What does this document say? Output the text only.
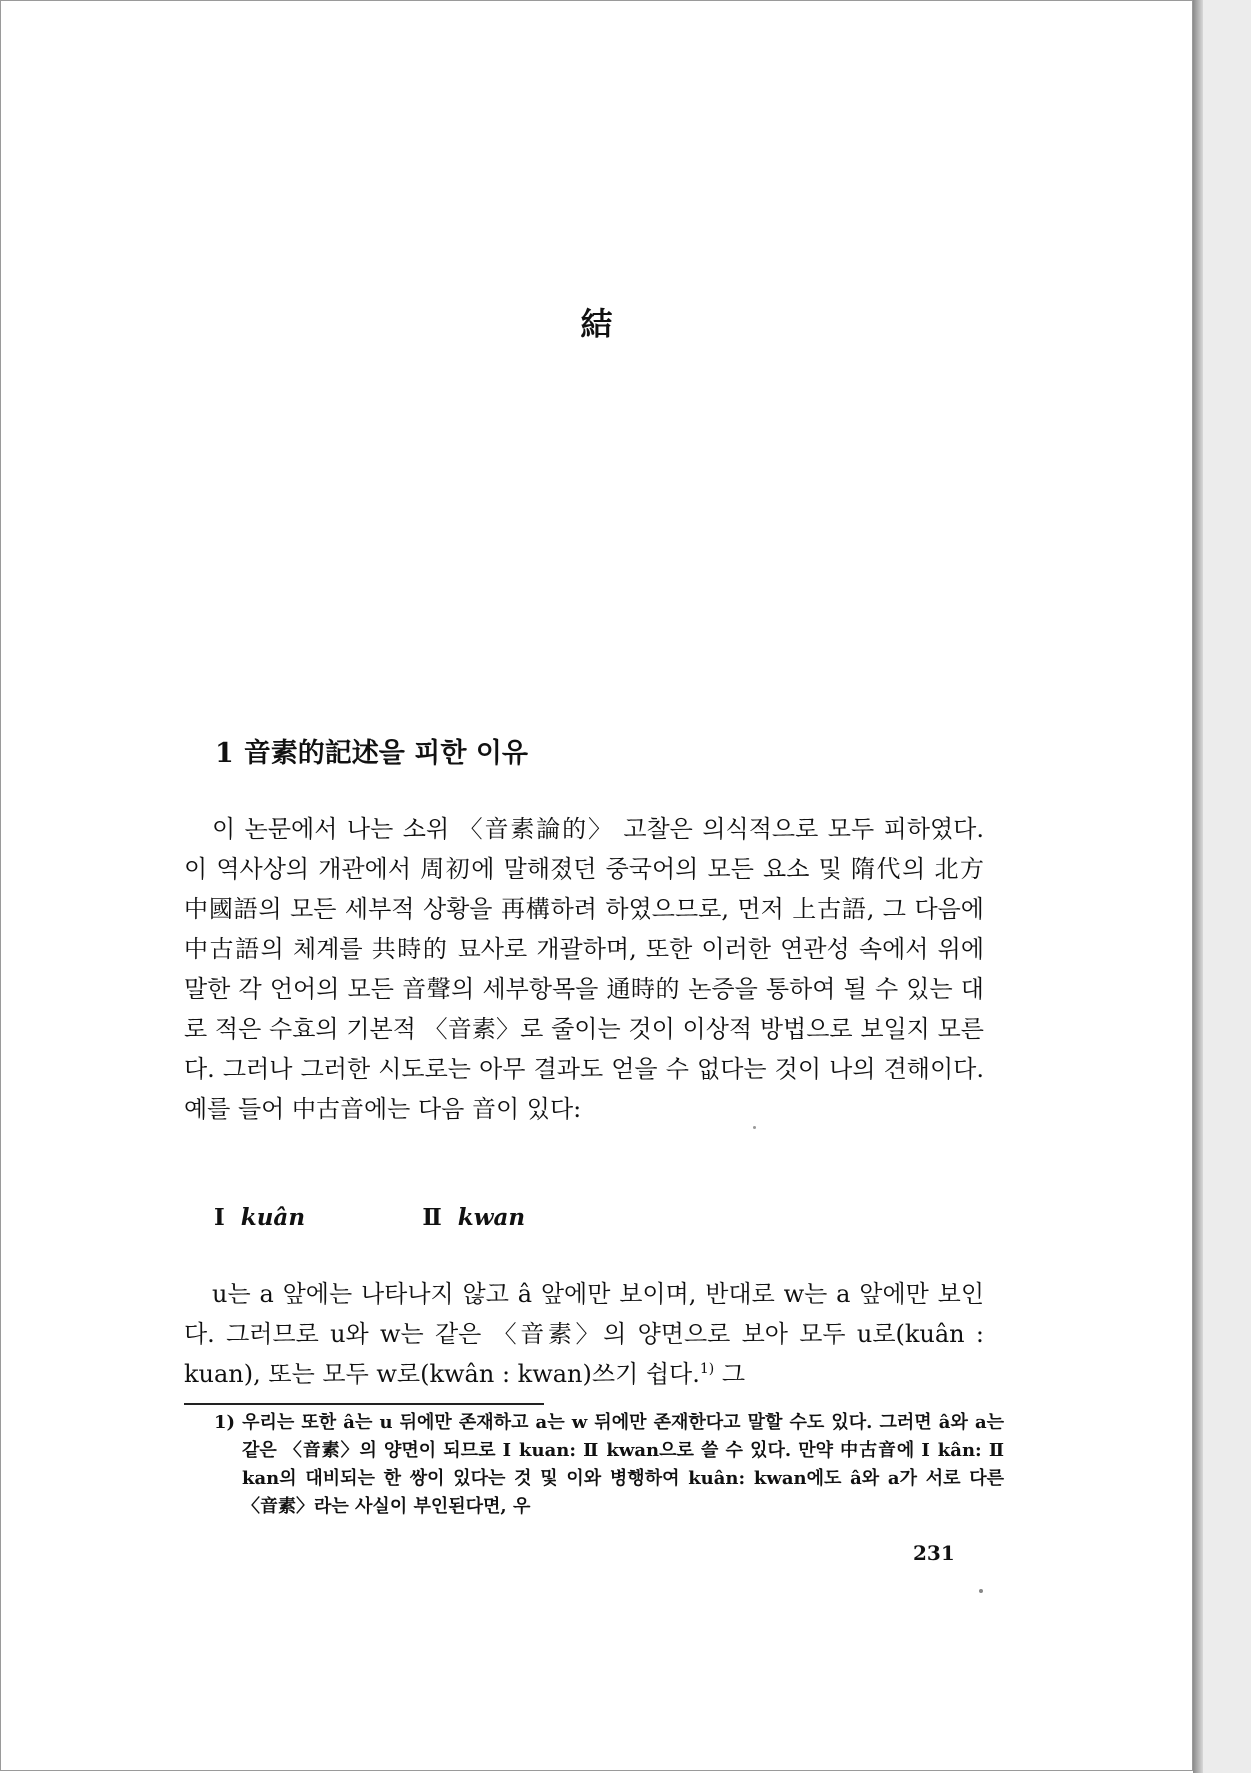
結
1 音素的記述을 피한 이유
이 논문에서 나는 소위 〈音素論的〉 고찰은 의식적으로 모두 피하였다. 이 역사상의 개관에서 周初에 말해졌던 중국어의 모든 요소 및 隋代의 北方中國語의 모든 세부적 상황을 再構하려 하였으므로, 먼저 上古語, 그 다음에 中古語의 체계를 共時的 묘사로 개괄하며, 또한 이러한 연관성 속에서 위에 말한 각 언어의 모든 音聲의 세부항목을 通時的 논증을 통하여 될 수 있는 대로 적은 수효의 기본적 〈音素〉로 줄이는 것이 이상적 방법으로 보일지 모른다. 그러나 그러한 시도로는 아무 결과도 얻을 수 없다는 것이 나의 견해이다. 예를 들어 中古音에는 다음 音이 있다:
Ⅰ kuân	Ⅱ kwan
u는 a 앞에는 나타나지 않고 â 앞에만 보이며, 반대로 w는 a 앞에만 보인다. 그러므로 u와 w는 같은 〈音素〉의 양면으로 보아 모두 u로(kuân : kuan), 또는 모두 w로(kwân : kwan)쓰기 쉽다.$^{1)}$ 그
1) 우리는 또한 â는 u 뒤에만 존재하고 a는 w 뒤에만 존재한다고 말할 수도 있다. 그러면 â와 a는 같은 〈音素〉의 양면이 되므로 Ⅰ kuan: Ⅱ kwan으로 쓸 수 있다. 만약 中古音에 Ⅰ kân: Ⅱ kan의 대비되는 한 쌍이 있다는 것 및 이와 병행하여 kuân: kwan에도 â와 a가 서로 다른 〈音素〉라는 사실이 부인된다면, 우
231
